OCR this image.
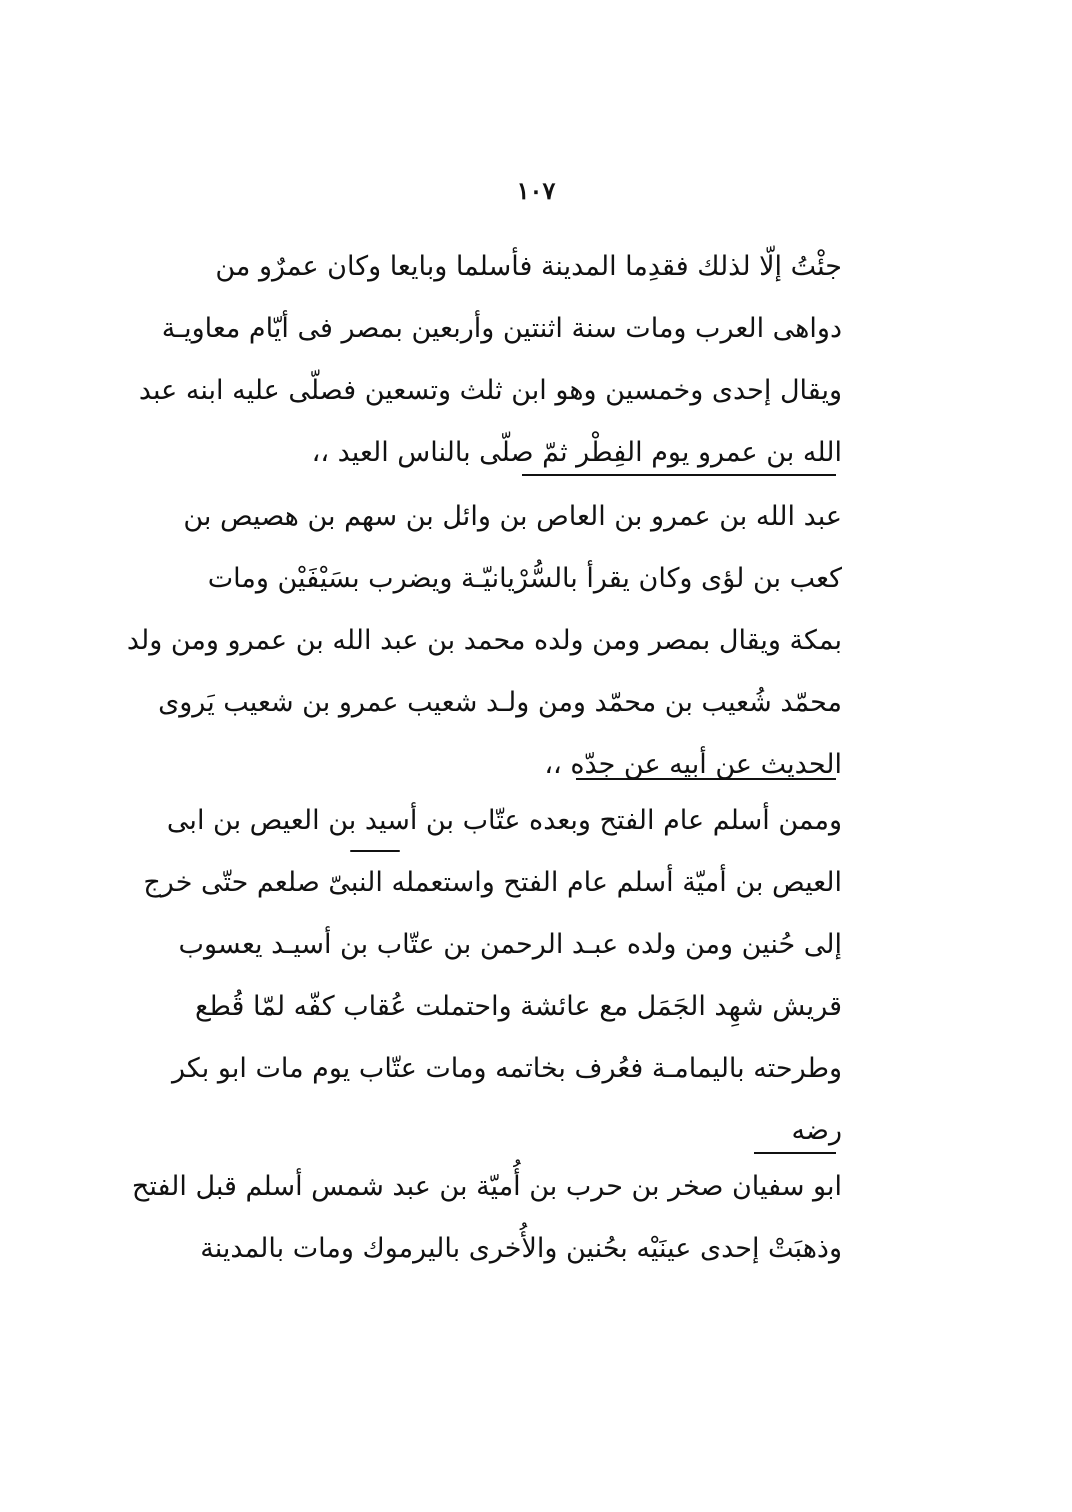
١٠٧
جئْتُ إلّا لذلك فقدِما المدينة فأسلما وبايعا وكان عمرٌو من
دواهى العرب ومات سنة اثنتين وأربعين بمصر فى أيّام معاويـة
ويقال إحدى وخمسين وهو ابن ثلث وتسعين فصلّى عليه ابنه عبد
الله بن عمرو يوم الفِطْر ثمّ صلّى بالناس العيد ،،
عبد الله بن عمرو بن العاص بن وائل بن سهم بن هصيص بن
كعب بن لؤى وكان يقرأ بالسُّرْيانيّـة ويضرب بسَيْفَيْن ومات
بمكة ويقال بمصر ومن ولده محمد بن عبد الله بن عمرو ومن ولد
محمّد شُعيب بن محمّد ومن ولـد شعيب عمرو بن شعيب يَروى
الحديث عن أبيه عن جدّه ،،
وممن أسلم عام الفتح وبعده عتّاب بن أسيد بن العيص بن ابى
العيص بن أميّة أسلم عام الفتح واستعمله النبىّ صلعم حتّى خرج
إلى حُنين ومن ولده عبـد الرحمن بن عتّاب بن أسيـد يعسوب
قريش شهِد الجَمَل مع عائشة واحتملت عُقاب كفّه لمّا قُطع
وطرحته باليمامـة فعُرف بخاتمه ومات عتّاب يوم مات ابو بكر
رضه
ابو سفيان صخر بن حرب بن أُميّة بن عبد شمس أسلم قبل الفتح
وذهبَتْ إحدى عينَيْه بحُنين والأُخرى باليرموك ومات بالمدينة
